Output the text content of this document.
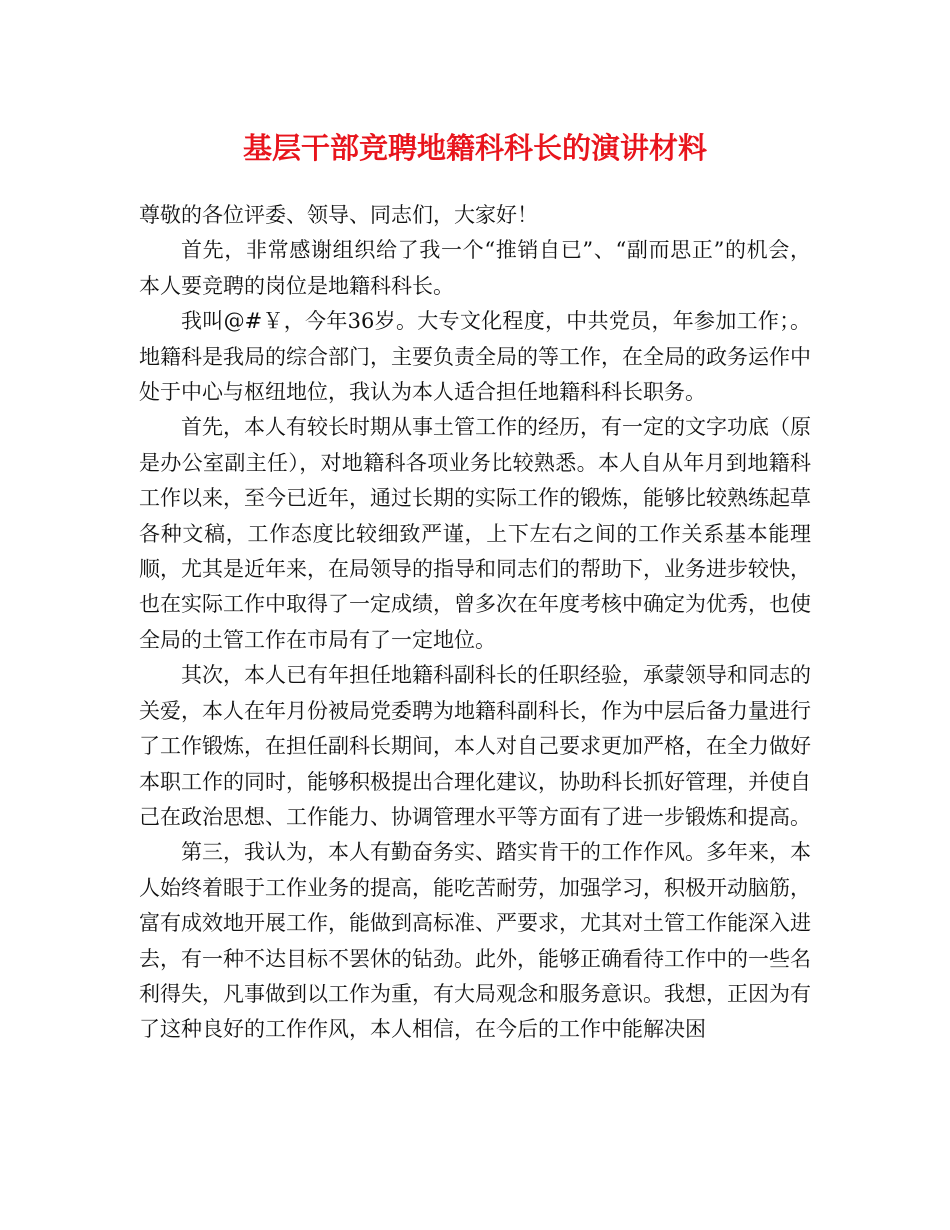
基层干部竞聘地籍科科长的演讲材料

尊敬的各位评委、领导、同志们，大家好！

首先，非常感谢组织给了我一个“推销自已”、“副而思正”的机会，本人要竞聘的岗位是地籍科科长。

我叫@#￥，今年36岁。大专文化程度，中共党员，年参加工作；。地籍科是我局的综合部门，主要负责全局的等工作，在全局的政务运作中处于中心与枢纽地位，我认为本人适合担任地籍科科长职务。

首先，本人有较长时期从事土管工作的经历，有一定的文字功底（原是办公室副主任），对地籍科各项业务比较熟悉。本人自从年月到地籍科工作以来，至今已近年，通过长期的实际工作的锻炼，能够比较熟练起草各种文稿，工作态度比较细致严谨，上下左右之间的工作关系基本能理顺，尤其是近年来，在局领导的指导和同志们的帮助下，业务进步较快，也在实际工作中取得了一定成绩，曾多次在年度考核中确定为优秀，也使全局的土管工作在市局有了一定地位。

其次，本人已有年担任地籍科副科长的任职经验，承蒙领导和同志的关爱，本人在年月份被局党委聘为地籍科副科长，作为中层后备力量进行了工作锻炼，在担任副科长期间，本人对自己要求更加严格，在全力做好本职工作的同时，能够积极提出合理化建议，协助科长抓好管理，并使自己在政治思想、工作能力、协调管理水平等方面有了进一步锻炼和提高。

第三，我认为，本人有勤奋务实、踏实肯干的工作作风。多年来，本人始终着眼于工作业务的提高，能吃苦耐劳，加强学习，积极开动脑筋，富有成效地开展工作，能做到高标准、严要求，尤其对土管工作能深入进去，有一种不达目标不罢休的钻劲。此外，能够正确看待工作中的一些名利得失，凡事做到以工作为重，有大局观念和服务意识。我想，正因为有了这种良好的工作作风，本人相信，在今后的工作中能解决困
